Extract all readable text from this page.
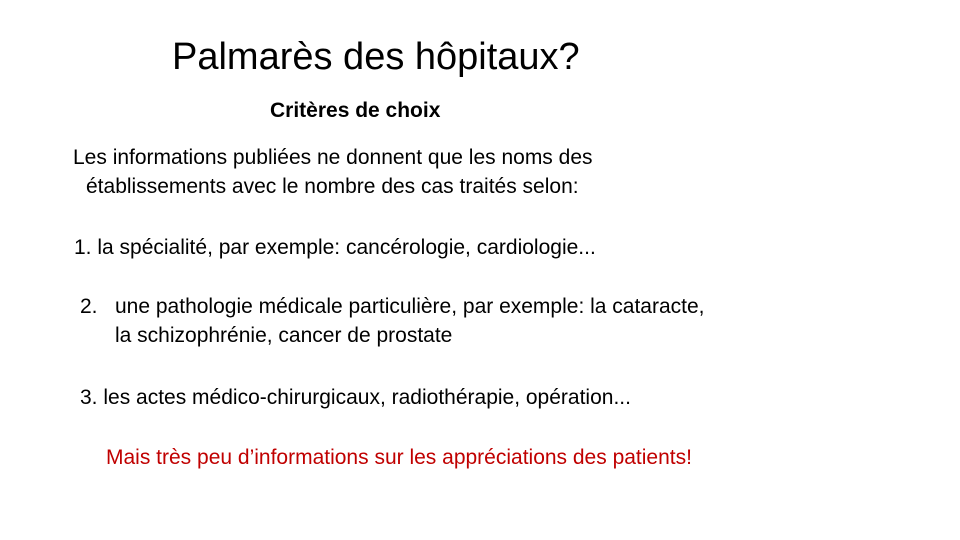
Palmarès des hôpitaux?
Critères de choix
Les informations publiées ne donnent que les noms des
établissements avec le nombre des cas traités selon:
1. la spécialité, par exemple: cancérologie, cardiologie...
2. une pathologie médicale particulière, par exemple: la cataracte,
la schizophrénie, cancer de prostate
3. les actes médico-chirurgicaux, radiothérapie, opération...
Mais très peu d’informations sur les appréciations des patients!
